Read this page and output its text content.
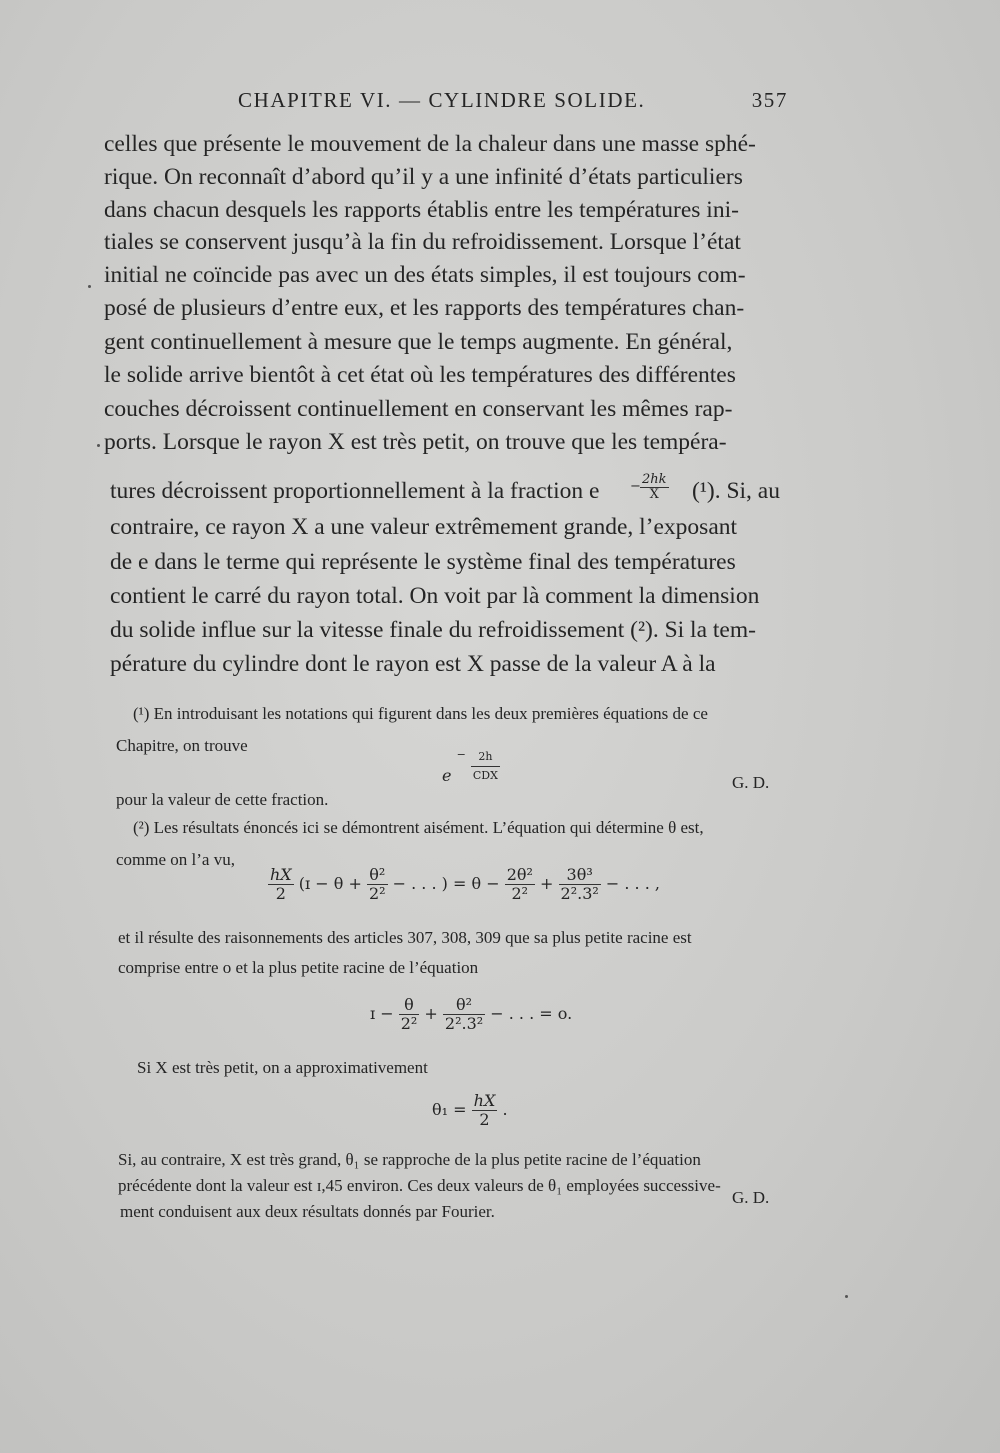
CHAPITRE VI. — CYLINDRE SOLIDE.	357
celles que présente le mouvement de la chaleur dans une masse sphé-
rique. On reconnaît d’abord qu’il y a une infinité d’états particuliers
dans chacun desquels les rapports établis entre les températures ini-
tiales se conservent jusqu’à la fin du refroidissement. Lorsque l’état
initial ne coïncide pas avec un des états simples, il est toujours com-
posé de plusieurs d’entre eux, et les rapports des températures chan-
gent continuellement à mesure que le temps augmente. En général,
le solide arrive bientôt à cet état où les températures des différentes
couches décroissent continuellement en conservant les mêmes rap-
ports. Lorsque le rayon X est très petit, on trouve que les tempéra-
tures décroissent proportionnellement à la fraction e	$\frac{2hk}{X}$
− (¹). Si, au
contraire, ce rayon X a une valeur extrêmement grande, l’exposant
de e dans le terme qui représente le système final des températures
contient le carré du rayon total. On voit par là comment la dimension
du solide influe sur la vitesse finale du refroidissement (²). Si la tem-
pérature du cylindre dont le rayon est X passe de la valeur A à la
(¹) En introduisant les notations qui figurent dans les deux premières équations de ce
Chapitre, on trouve
e $^- \frac{2h}{\text{CDX}}$	G. D.
pour la valeur de cette fraction.
(²) Les résultats énoncés ici se démontrent aisément. L’équation qui détermine θ est,
comme on l’a vu,
$\frac{hX}{2}$ (ɪ − $\theta + \frac{\text{θ²}}{\text{2²}}$ − . . . ) = $\theta - \frac{\text{2θ²}}{\text{2²}} + \frac{\text{3θ³}}{\text{2².3²}}$ − . . . ,
et il résulte des raisonnements des articles 307, 308, 309 que sa plus petite racine est
comprise entre o et la plus petite racine de l’équation
ɪ − $\frac{\theta}{\text{2²}} + \frac{\text{θ²}}{\text{2².3²}}$ − . . . = o.
Si X est très petit, on a approximativement
$\theta_1 = \frac{hX}{2}$ .
Si, au contraire, X est très grand, θ₁ se rapproche de la plus petite racine de l’équation
précédente dont la valeur est ɪ,45 environ. Ces deux valeurs de θ₁ employées successive-
G. D.
ment conduisent aux deux résultats donnés par Fourier.
